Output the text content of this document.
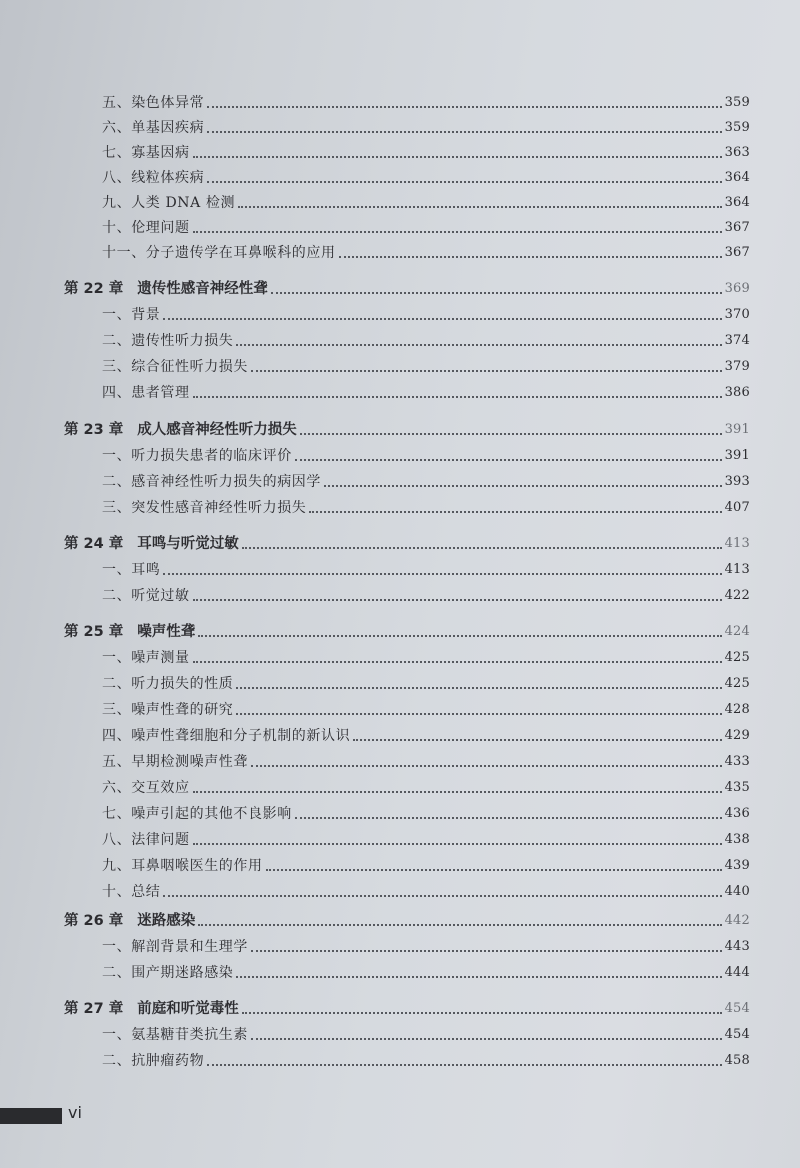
五、染色体异常	359
六、单基因疾病	359
七、寡基因病	363
八、线粒体疾病	364
九、人类 DNA 检测	364
十、伦理问题	367
十一、分子遗传学在耳鼻喉科的应用	367
第 22 章 遗传性感音神经性聋	369
一、背景	370
二、遗传性听力损失	374
三、综合征性听力损失	379
四、患者管理	386
第 23 章 成人感音神经性听力损失	391
一、听力损失患者的临床评价	391
二、感音神经性听力损失的病因学	393
三、突发性感音神经性听力损失	407
第 24 章 耳鸣与听觉过敏	413
一、耳鸣	413
二、听觉过敏	422
第 25 章 噪声性聋	424
一、噪声测量	425
二、听力损失的性质	425
三、噪声性聋的研究	428
四、噪声性聋细胞和分子机制的新认识	429
五、早期检测噪声性聋	433
六、交互效应	435
七、噪声引起的其他不良影响	436
八、法律问题	438
九、耳鼻咽喉医生的作用	439
十、总结	440
第 26 章 迷路感染	442
一、解剖背景和生理学	443
二、围产期迷路感染	444
第 27 章 前庭和听觉毒性	454
一、氨基糖苷类抗生素	454
二、抗肿瘤药物	458
vi
